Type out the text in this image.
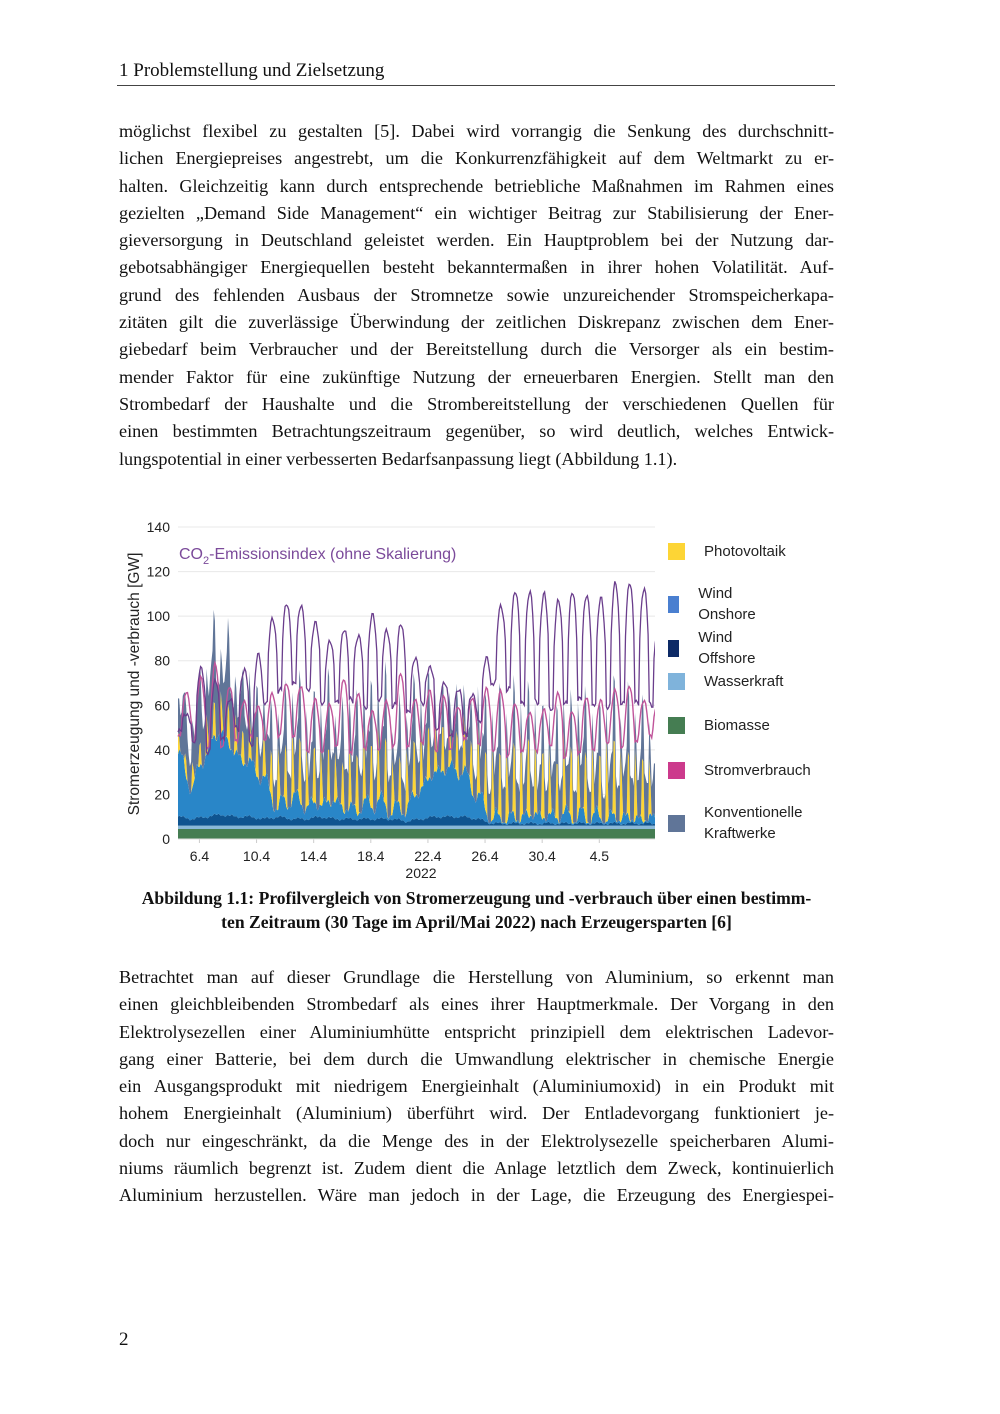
1 Problemstellung und Zielsetzung
möglichst flexibel zu gestalten [5]. Dabei wird vorrangig die Senkung des durchschnitt-
lichen Energiepreises angestrebt, um die Konkurrenzfähigkeit auf dem Weltmarkt zu er-
halten. Gleichzeitig kann durch entsprechende betriebliche Maßnahmen im Rahmen eines
gezielten „Demand Side Management“ ein wichtiger Beitrag zur Stabilisierung der Ener-
gieversorgung in Deutschland geleistet werden. Ein Hauptproblem bei der Nutzung dar-
gebotsabhängiger Energiequellen besteht bekanntermaßen in ihrer hohen Volatilität. Auf-
grund des fehlenden Ausbaus der Stromnetze sowie unzureichender Stromspeicherkapa-
zitäten gilt die zuverlässige Überwindung der zeitlichen Diskrepanz zwischen dem Ener-
giebedarf beim Verbraucher und der Bereitstellung durch die Versorger als ein bestim-
mender Faktor für eine zukünftige Nutzung der erneuerbaren Energien. Stellt man den
Strombedarf der Haushalte und die Strombereitstellung der verschiedenen Quellen für
einen bestimmten Betrachtungszeitraum gegenüber, so wird deutlich, welches Entwick-
lungspotential in einer verbesserten Bedarfsanpassung liegt (Abbildung 1.1).
0
20
40
60
80
100
120
140
6.4 10.4 14.4 18.4 22.4 26.4 30.4 4.5
Stromerzeugung und -verbrauch [GW]
2022
$CO_2$-Emissionsindex (ohne Skalierung)	Photovoltaik
Wind Onshore
Wind Offshore
Wasserkraft
Biomasse
Stromverbrauch
Konventionelle Kraftwerke
Abbildung 1.1: Profilvergleich von Stromerzeugung und -verbrauch über einen bestimm-
ten Zeitraum (30 Tage im April/Mai 2022) nach Erzeugersparten [6]
Betrachtet man auf dieser Grundlage die Herstellung von Aluminium, so erkennt man
einen gleichbleibenden Strombedarf als eines ihrer Hauptmerkmale. Der Vorgang in den
Elektrolysezellen einer Aluminiumhütte entspricht prinzipiell dem elektrischen Ladevor-
gang einer Batterie, bei dem durch die Umwandlung elektrischer in chemische Energie
ein Ausgangsprodukt mit niedrigem Energieinhalt (Aluminiumoxid) in ein Produkt mit
hohem Energieinhalt (Aluminium) überführt wird. Der Entladevorgang funktioniert je-
doch nur eingeschränkt, da die Menge des in der Elektrolysezelle speicherbaren Alumi-
niums räumlich begrenzt ist. Zudem dient die Anlage letztlich dem Zweck, kontinuierlich
Aluminium herzustellen. Wäre man jedoch in der Lage, die Erzeugung des Energiespei-
2
